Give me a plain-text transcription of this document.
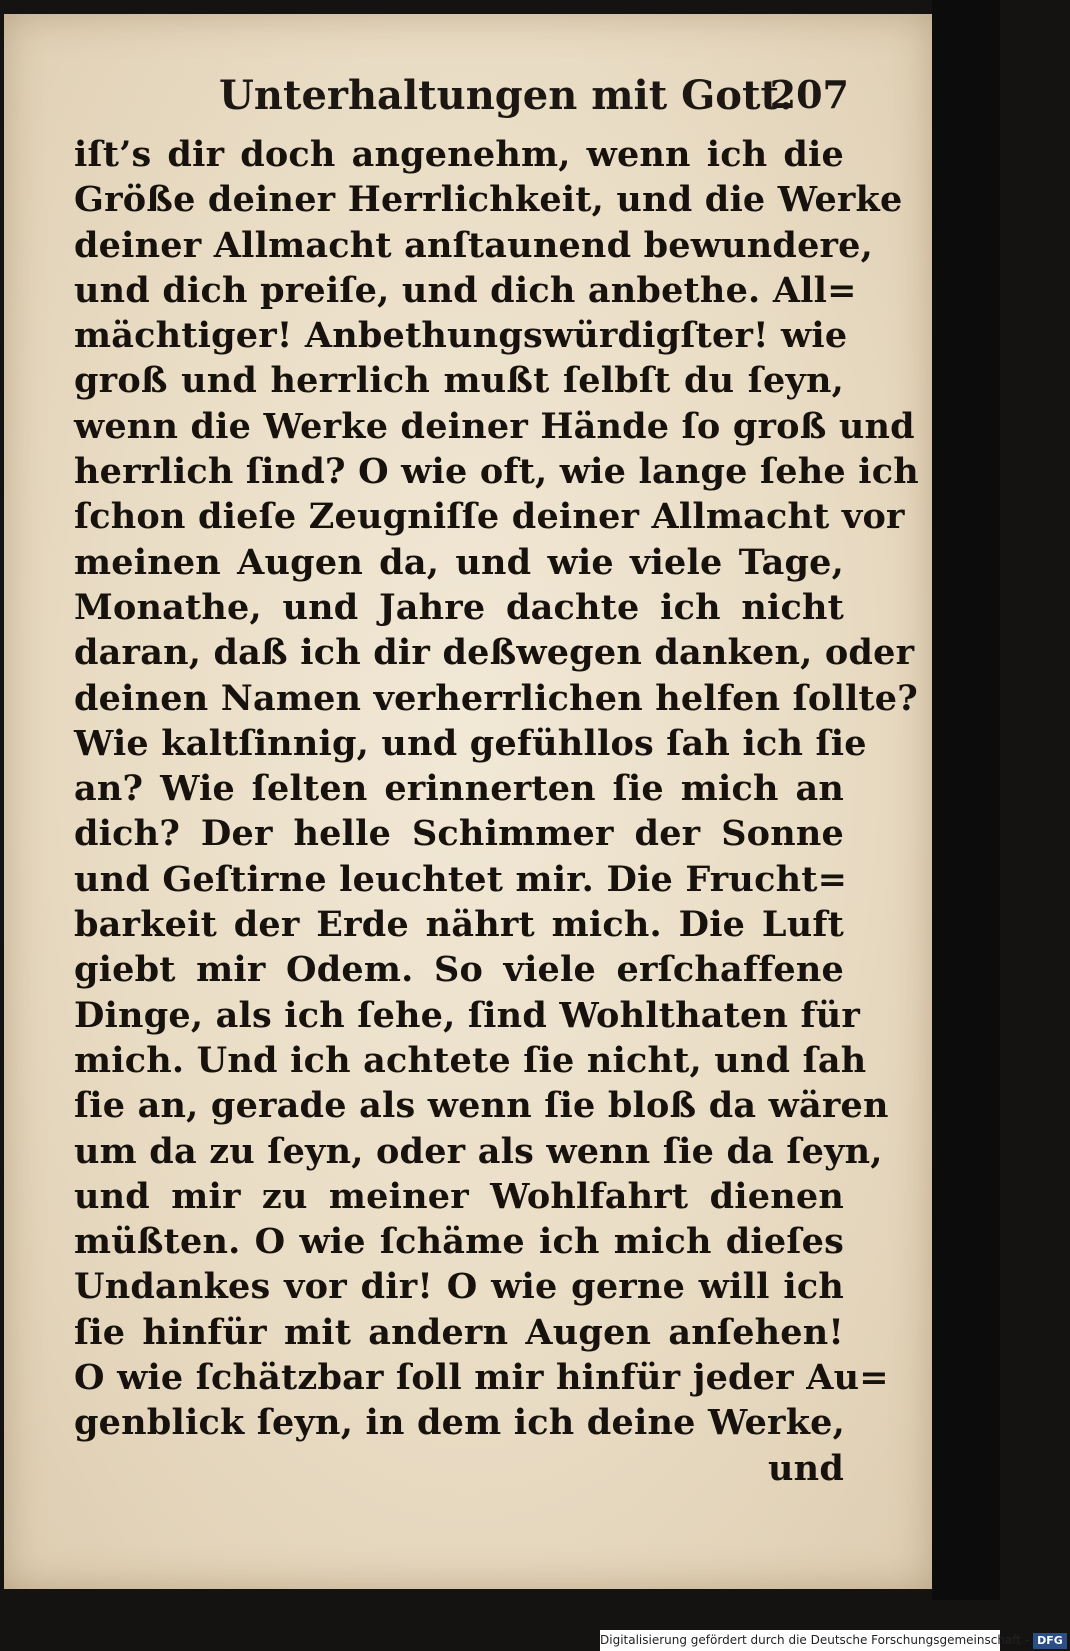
Unterhaltungen mit Gott.
207
iſt’s dir doch angenehm, wenn ich die
Größe deiner Herrlichkeit, und die Werke
deiner Allmacht anſtaunend bewundere,
und dich preiſe, und dich anbethe. All=
mächtiger! Anbethungswürdigſter! wie
groß und herrlich mußt ſelbſt du ſeyn,
wenn die Werke deiner Hände ſo groß und
herrlich ſind? O wie oft, wie lange ſehe ich
ſchon dieſe Zeugniſſe deiner Allmacht vor
meinen Augen da, und wie viele Tage,
Monathe, und Jahre dachte ich nicht
daran, daß ich dir deßwegen danken, oder
deinen Namen verherrlichen helfen ſollte?
Wie kaltſinnig, und gefühllos ſah ich ſie
an? Wie ſelten erinnerten ſie mich an
dich? Der helle Schimmer der Sonne
und Geſtirne leuchtet mir. Die Frucht=
barkeit der Erde nährt mich. Die Luft
giebt mir Odem. So viele erſchaffene
Dinge, als ich ſehe, ſind Wohlthaten für
mich. Und ich achtete ſie nicht, und ſah
ſie an, gerade als wenn ſie bloß da wären
um da zu ſeyn, oder als wenn ſie da ſeyn,
und mir zu meiner Wohlfahrt dienen
müßten. O wie ſchäme ich mich dieſes
Undankes vor dir! O wie gerne will ich
ſie hinfür mit andern Augen anſehen!
O wie ſchätzbar ſoll mir hinfür jeder Au=
genblick ſeyn, in dem ich deine Werke,
und
Digitalisierung gefördert durch die Deutsche Forschungsgemeinschaft - DFG
